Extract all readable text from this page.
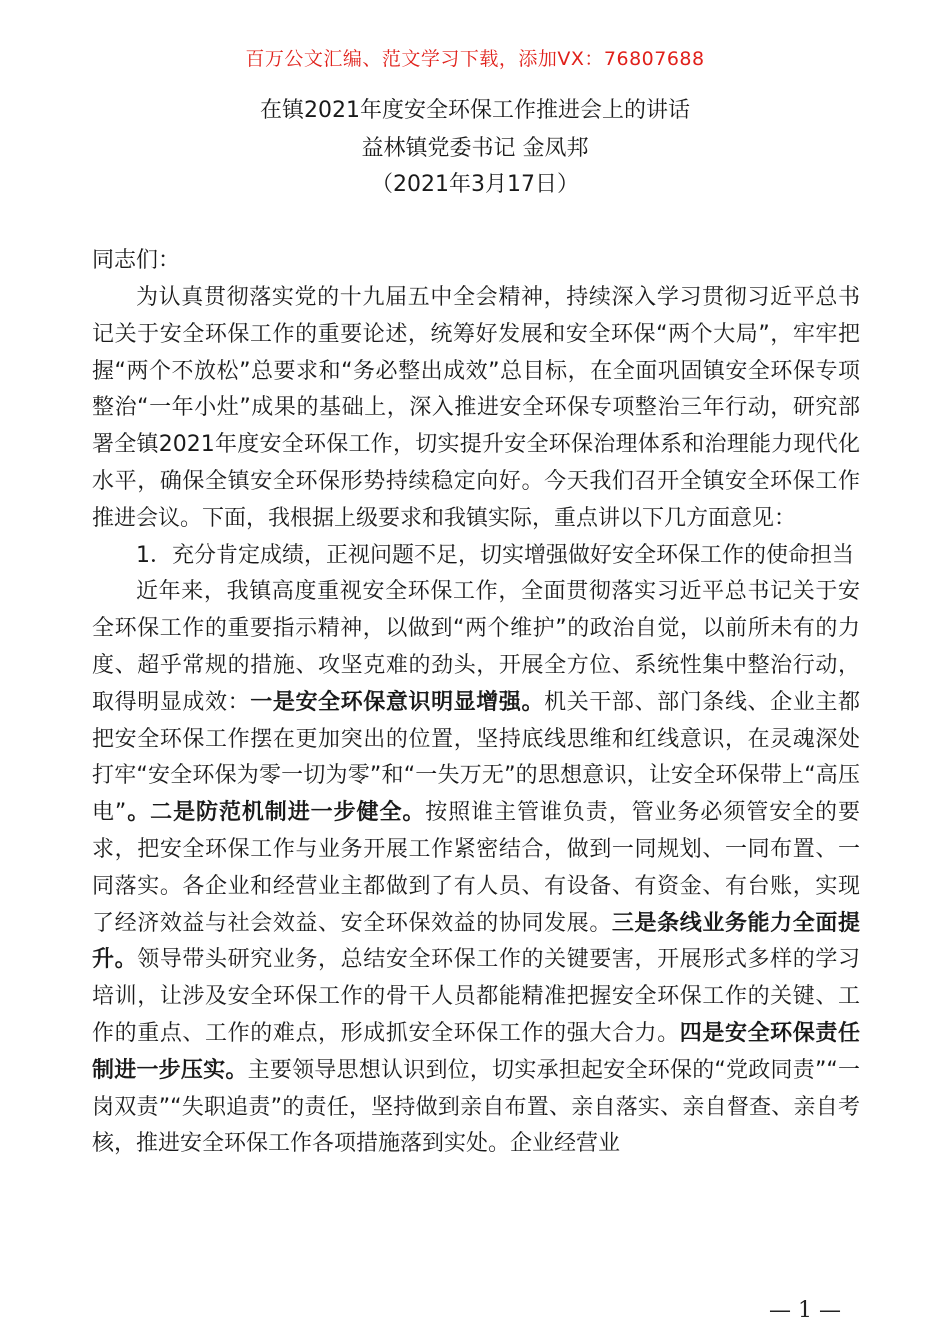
百万公文汇编、范文学习下载，添加VX：76807688
在镇2021年度安全环保工作推进会上的讲话
益林镇党委书记 金凤邦
（2021年3月17日）
同志们：

为认真贯彻落实党的十九届五中全会精神，持续深入学习贯彻习近平总书记关于安全环保工作的重要论述，统筹好发展和安全环保“两个大局”，牢牢把握“两个不放松”总要求和“务必整出成效”总目标，在全面巩固镇安全环保专项整治“一年小灶”成果的基础上，深入推进安全环保专项整治三年行动，研究部署全镇2021年度安全环保工作，切实提升安全环保治理体系和治理能力现代化水平，确保全镇安全环保形势持续稳定向好。今天我们召开全镇安全环保工作推进会议。下面，我根据上级要求和我镇实际，重点讲以下几方面意见：

1．充分肯定成绩，正视问题不足，切实增强做好安全环保工作的使命担当

近年来，我镇高度重视安全环保工作，全面贯彻落实习近平总书记关于安全环保工作的重要指示精神，以做到“两个维护”的政治自觉，以前所未有的力度、超乎常规的措施、攻坚克难的劲头，开展全方位、系统性集中整治行动，取得明显成效：一是安全环保意识明显增强。机关干部、部门条线、企业主都把安全环保工作摆在更加突出的位置，坚持底线思维和红线意识，在灵魂深处打牢“安全环保为零一切为零”和“一失万无”的思想意识，让安全环保带上“高压电”。二是防范机制进一步健全。按照谁主管谁负责，管业务必须管安全的要求，把安全环保工作与业务开展工作紧密结合，做到一同规划、一同布置、一同落实。各企业和经营业主都做到了有人员、有设备、有资金、有台账，实现了经济效益与社会效益、安全环保效益的协同发展。三是条线业务能力全面提升。领导带头研究业务，总结安全环保工作的关键要害，开展形式多样的学习培训，让涉及安全环保工作的骨干人员都能精准把握安全环保工作的关键、工作的重点、工作的难点，形成抓安全环保工作的强大合力。四是安全环保责任制进一步压实。主要领导思想认识到位，切实承担起安全环保的“党政同责”“一岗双责”“失职追责”的责任，坚持做到亲自布置、亲自落实、亲自督查、亲自考核，推进安全环保工作各项措施落到实处。企业经营业

— 1 —
